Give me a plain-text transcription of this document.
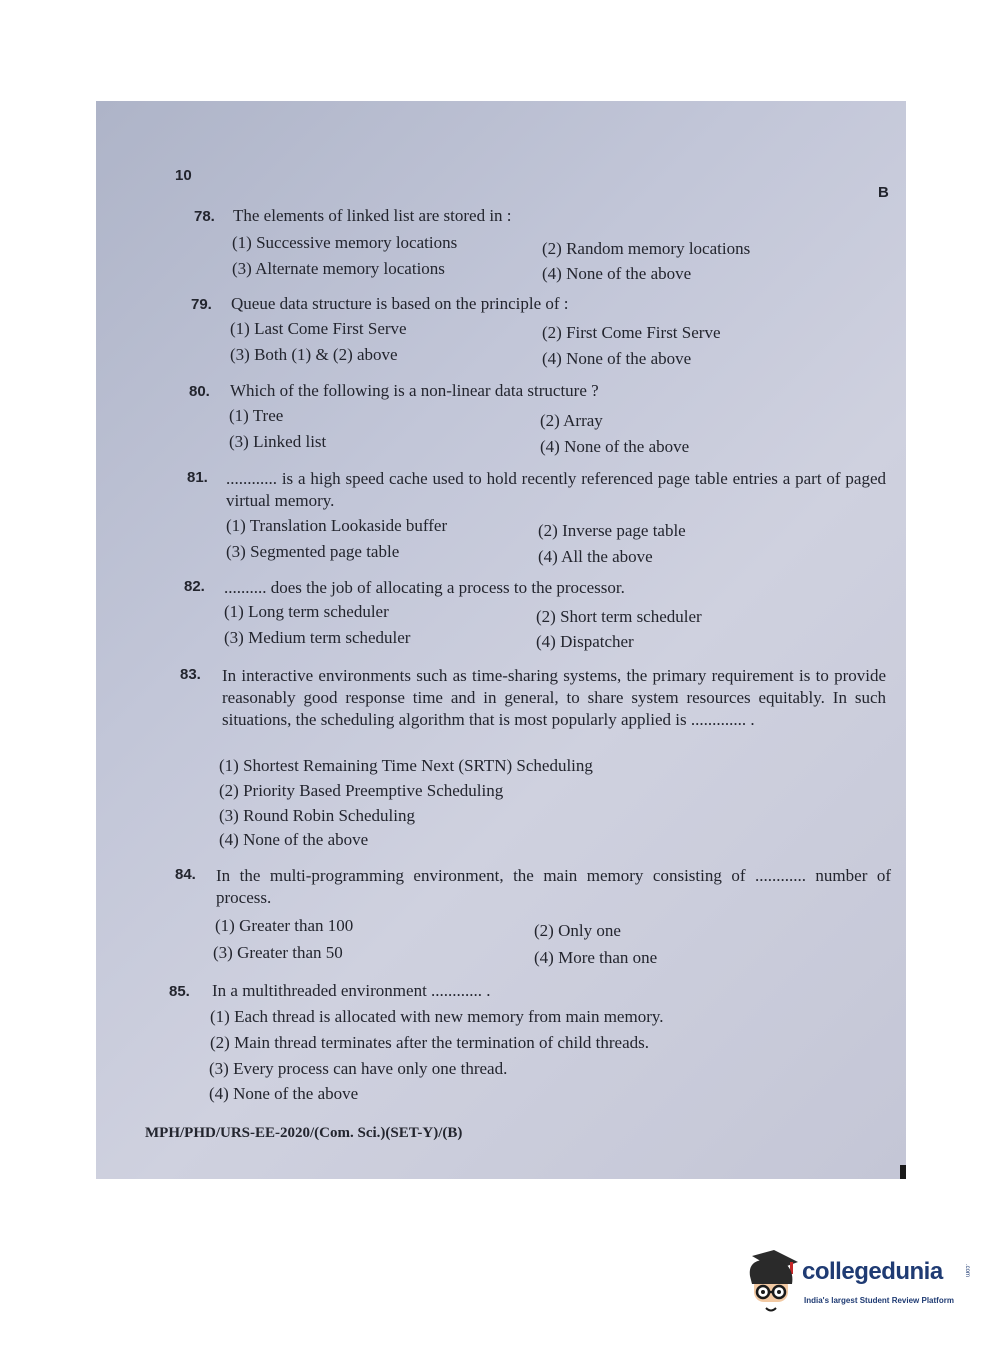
10
B
78. The elements of linked list are stored in :
(1) Successive memory locations	(2) Random memory locations
(3) Alternate memory locations	(4) None of the above
79. Queue data structure is based on the principle of :
(1) Last Come First Serve	(2) First Come First Serve
(3) Both (1) & (2) above	(4) None of the above
80. Which of the following is a non-linear data structure ?
(1) Tree	(2) Array
(3) Linked list	(4) None of the above
81. ............ is a high speed cache used to hold recently referenced page table entries a part of paged virtual memory.
(1) Translation Lookaside buffer	(2) Inverse page table
(3) Segmented page table	(4) All the above
82. .......... does the job of allocating a process to the processor.
(1) Long term scheduler	(2) Short term scheduler
(3) Medium term scheduler	(4) Dispatcher
83. In interactive environments such as time-sharing systems, the primary requirement is to provide reasonably good response time and in general, to share system resources equitably. In such situations, the scheduling algorithm that is most popularly applied is ............. .
(1) Shortest Remaining Time Next (SRTN) Scheduling
(2) Priority Based Preemptive Scheduling
(3) Round Robin Scheduling
(4) None of the above
84. In the multi-programming environment, the main memory consisting of ............ number of process.
(1) Greater than 100	(2) Only one
(3) Greater than 50	(4) More than one
85. In a multithreaded environment ............ .
(1) Each thread is allocated with new memory from main memory.
(2) Main thread terminates after the termination of child threads.
(3) Every process can have only one thread.
(4) None of the above
MPH/PHD/URS-EE-2020/(Com. Sci.)(SET-Y)/(B)
collegedunia	.com
India's largest Student Review Platform
